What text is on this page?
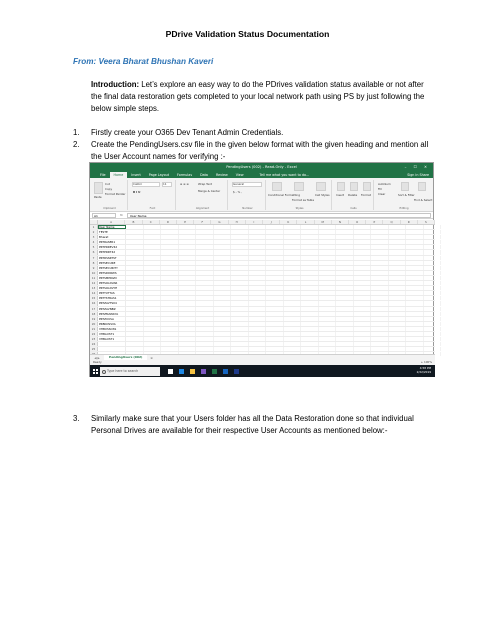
PDrive Validation Status Documentation
From: Veera Bharat Bhushan Kaveri
Introduction: Let’s explore an easy way to do the PDrives validation status available or not after the final data restoration gets completed to your local network path using PS by just following the below simple steps.
1.	Firstly create your O365 Dev Tenant Admin Credentials.
2.	Create the PendingUsers.csv file in the given below format with the given heading and mention all the User Account names for verifying :-
PendingUsers (002) - Read-Only - Excel	– ☐ ✕
File	Home	Insert	Page Layout	Formulas	Data	Review	View	Tell me what you want to do...	Sign in Share
Paste
Cut
Copy
Format Painter
Clipboard
Calibri	11
B I U
Font
Wrap Text
Merge & Center
≡ ≡ ≡
Alignment
General
$ - % ,
Number
Conditional Formatting
Format as Table
Cell Styles
Styles
Insert Delete Format
Cells
AutoSum
Fill
Clear	Sort & Filter
Find & Select
Editing
A1	fx	User Name
A	B	C	D	E	F	G	H	I	J	K	L	M	N	O	P	Q	R	S
1	User Name
2	TESTE
3	Bharat
4	PRTRASER1
5	PRTPRDEV42
6	PRTPRDT42
7	PRTRSSRTST
8	PRTSECURE
9	PRTSECURITY
10	PRTSDDRWS
11	PRTSMPRGM
12	PRTSOLDVAR
13	PRTSOLDVYE
14	PRTTUTTAS
15	PRTTSTRAS1
16	PRTZAVTS04
17	PRTZAVNBZ
18	PRTZMAWKYA
19	PRTZUUSA
20	PRBKOSSVA
21	VHBUSSOSS
22	VHBAUST1
23	VHBAUST1
24
25
◀ ▶	PendingUsers (002)	⊕
Ready	+ 100%
Type here to search
4:58 PM
2/22/2019
3.	Similarly make sure that your Users folder has all the Data Restoration done so that individual Personal Drives are available for their respective User Accounts as mentioned below:-
